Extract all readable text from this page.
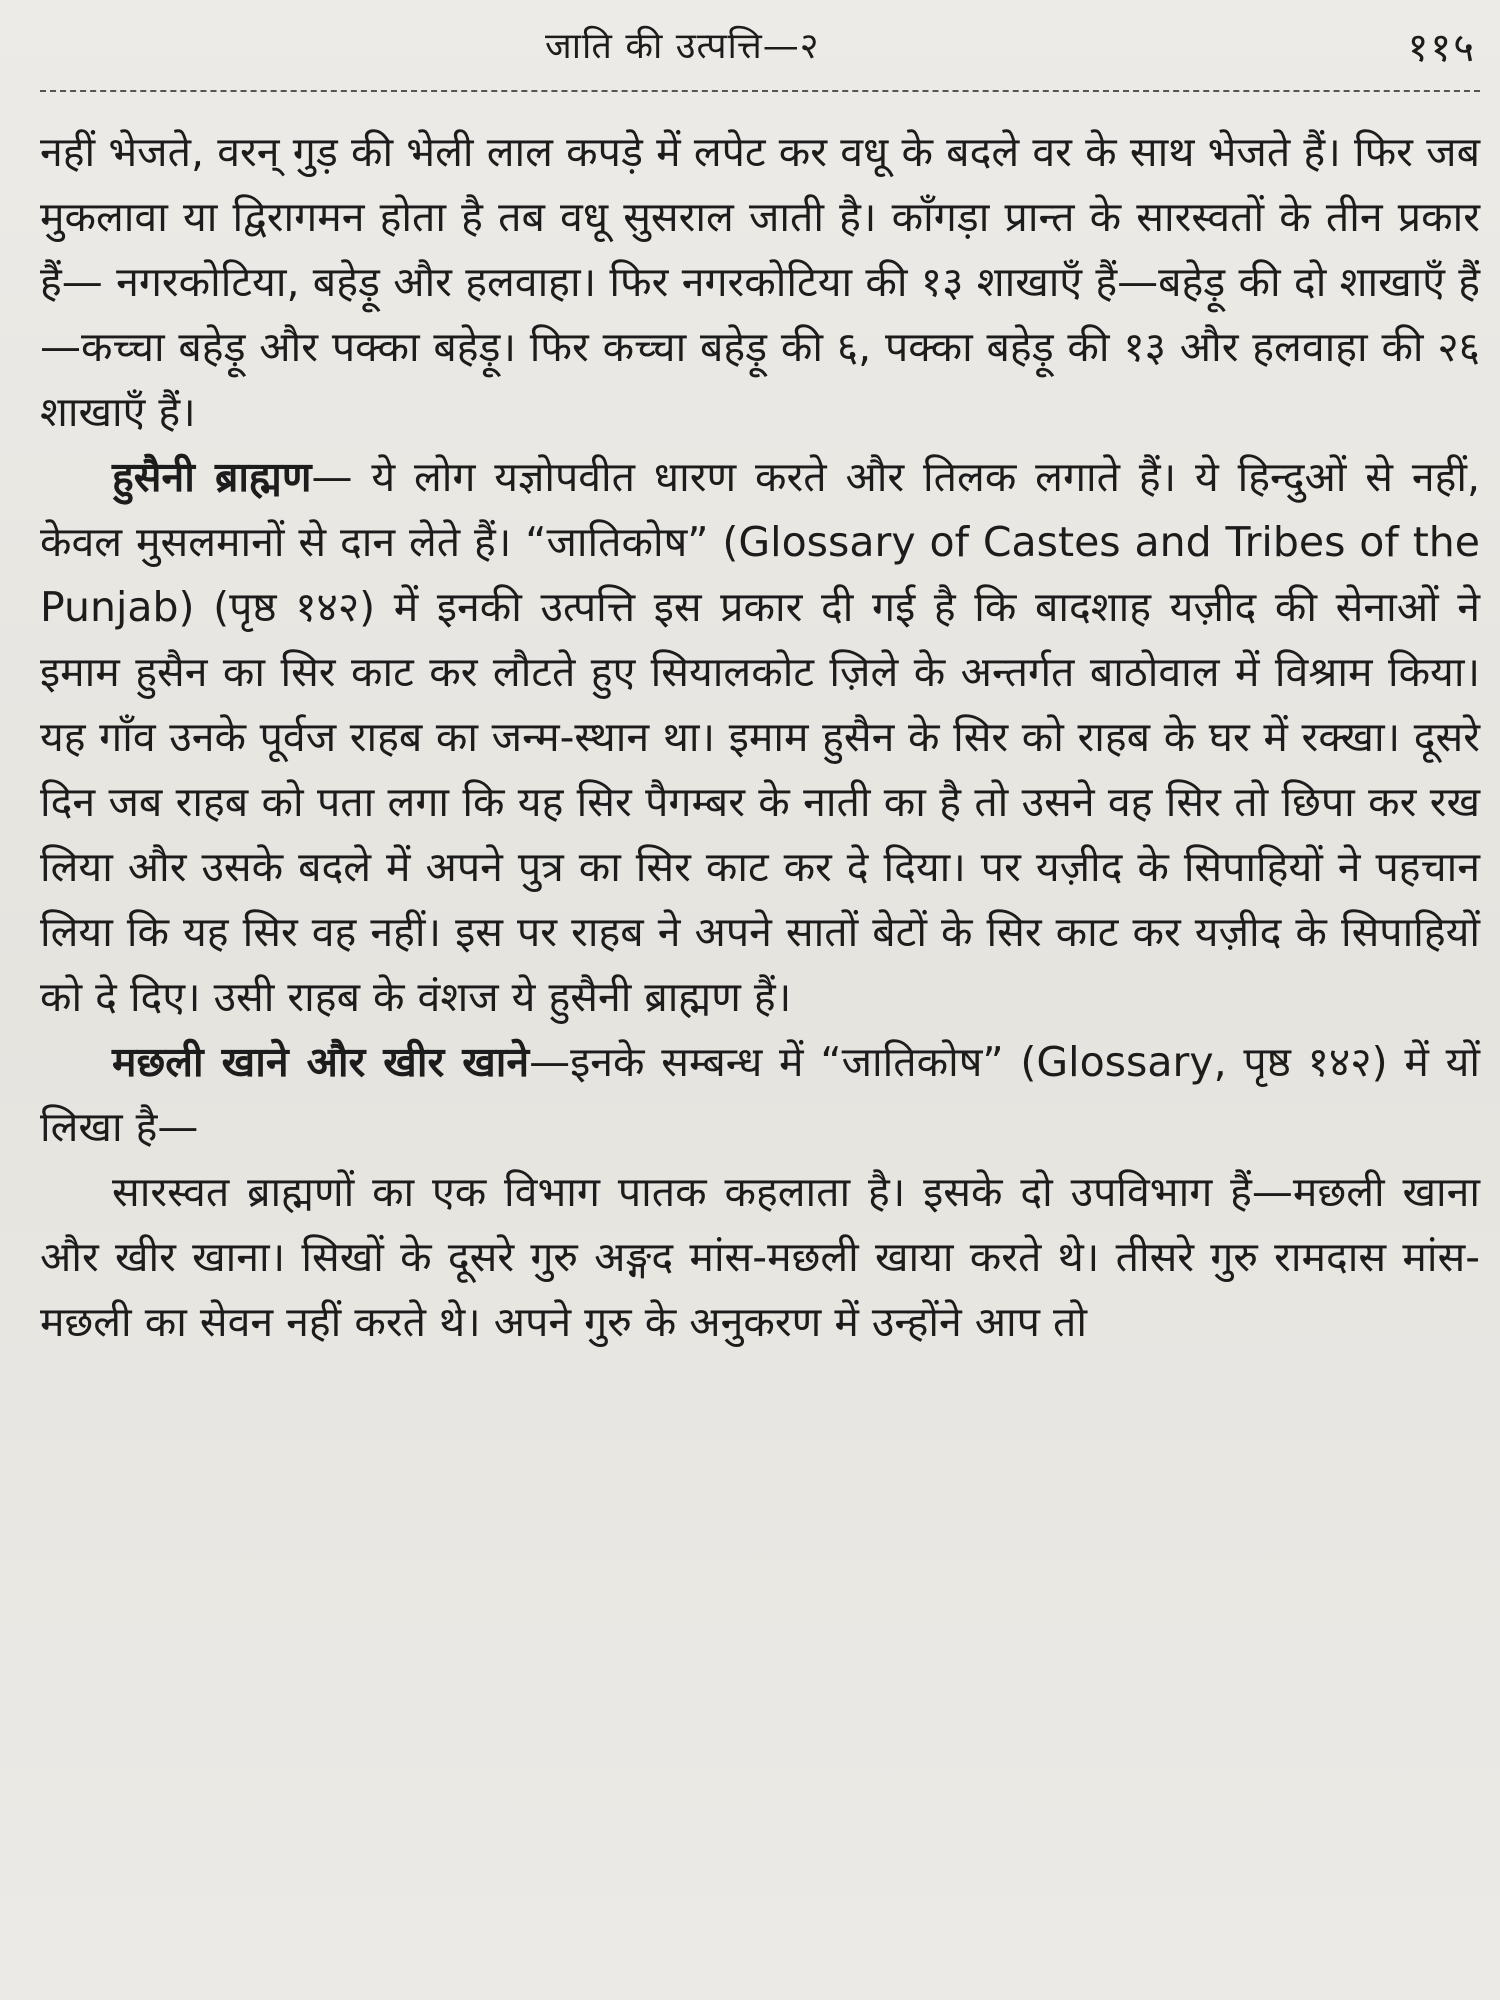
जाति की उत्पत्ति—२	११५

नहीं भेजते, वरन् गुड़ की भेली लाल कपड़े में लपेट कर वधू के बदले वर के साथ भेजते हैं। फिर जब मुकलावा या द्विरागमन होता है तब वधू सुसराल जाती है। काँगड़ा प्रान्त के सारस्वतों के तीन प्रकार हैं— नगरकोटिया, बहेड़ू और हलवाहा। फिर नगरकोटिया की १३ शाखाएँ हैं—बहेड़ू की दो शाखाएँ हैं—कच्चा बहेड़ू और पक्का बहेड़ू। फिर कच्चा बहेड़ू की ६, पक्का बहेड़ू की १३ और हलवाहा की २६ शाखाएँ हैं।

हुसैनी ब्राह्मण— ये लोग यज्ञोपवीत धारण करते और तिलक लगाते हैं। ये हिन्दुओं से नहीं, केवल मुसलमानों से दान लेते हैं। “जातिकोष” (Glossary of Castes and Tribes of the Punjab) (पृष्ठ १४२) में इनकी उत्पत्ति इस प्रकार दी गई है कि बादशाह यज़ीद की सेनाओं ने इमाम हुसैन का सिर काट कर लौटते हुए सियालकोट ज़िले के अन्तर्गत बाठोवाल में विश्राम किया। यह गाँव उनके पूर्वज राहब का जन्म-स्थान था। इमाम हुसैन के सिर को राहब के घर में रक्खा। दूसरे दिन जब राहब को पता लगा कि यह सिर पैगम्बर के नाती का है तो उसने वह सिर तो छिपा कर रख लिया और उसके बदले में अपने पुत्र का सिर काट कर दे दिया। पर यज़ीद के सिपाहियों ने पहचान लिया कि यह सिर वह नहीं। इस पर राहब ने अपने सातों बेटों के सिर काट कर यज़ीद के सिपाहियों को दे दिए। उसी राहब के वंशज ये हुसैनी ब्राह्मण हैं।

मछली खाने और खीर खाने—इनके सम्बन्ध में “जातिकोष” (Glossary, पृष्ठ १४२) में यों लिखा है—

सारस्वत ब्राह्मणों का एक विभाग पातक कहलाता है। इसके दो उपविभाग हैं—मछली खाना और खीर खाना। सिखों के दूसरे गुरु अङ्गद मांस-मछली खाया करते थे। तीसरे गुरु रामदास मांस-मछली का सेवन नहीं करते थे। अपने गुरु के अनुकरण में उन्होंने आप तो
